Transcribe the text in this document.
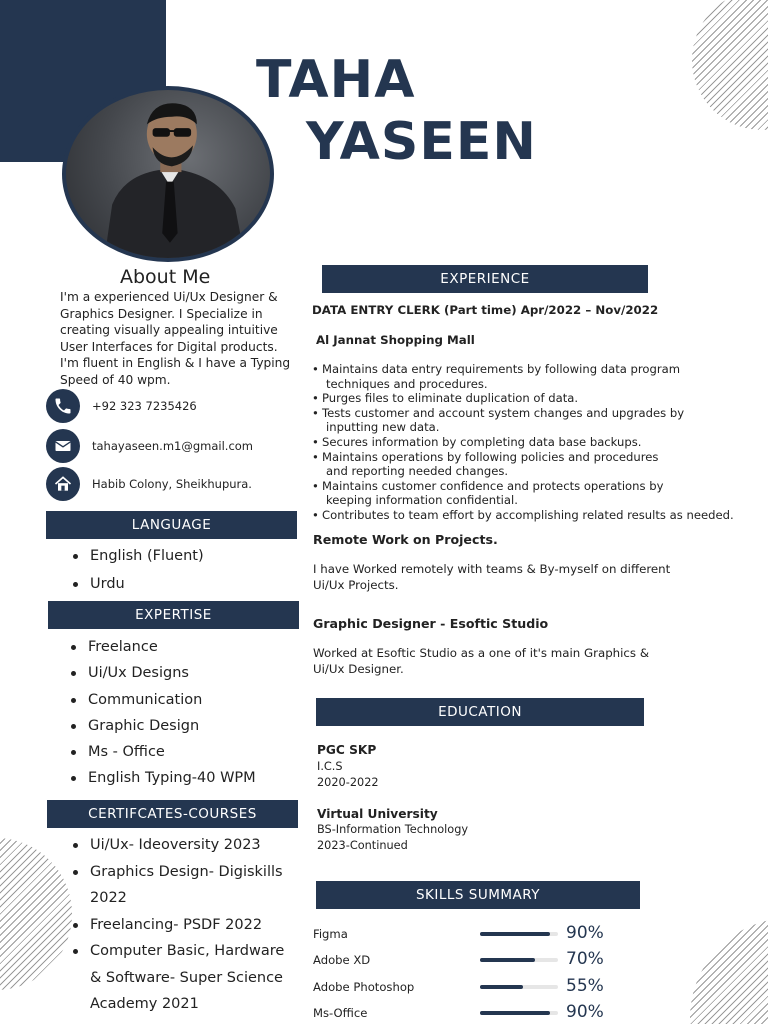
TAHA
YASEEN
About Me
I'm a experienced Ui/Ux Designer &
Graphics Designer. I Specialize in
creating visually appealing intuitive
User Interfaces for Digital products.
I'm fluent in English & I have a Typing
Speed of 40 wpm.
+92 323 7235426
tahayaseen.m1@gmail.com
Habib Colony, Sheikhupura.
LANGUAGE
English (Fluent)
Urdu
EXPERTISE
Freelance
Ui/Ux Designs
Communication
Graphic Design
Ms - Office
English Typing-40 WPM
CERTIFCATES-COURSES
Ui/Ux- Ideoversity 2023
Graphics Design- Digiskills
2022
Freelancing- PSDF 2022
Computer Basic, Hardware
& Software- Super Science
Academy 2021
EXPERIENCE
DATA ENTRY CLERK (Part time) Apr/2022 – Nov/2022
Al Jannat Shopping Mall
• Maintains data entry requirements by following data program
techniques and procedures.
• Purges files to eliminate duplication of data.
• Tests customer and account system changes and upgrades by
inputting new data.
• Secures information by completing data base backups.
• Maintains operations by following policies and procedures
and reporting needed changes.
• Maintains customer confidence and protects operations by
keeping information confidential.
• Contributes to team effort by accomplishing related results as needed.
Remote Work on Projects.
I have Worked remotely with teams & By-myself on different
Ui/Ux Projects.
Graphic Designer - Esoftic Studio
Worked at Esoftic Studio as a one of it's main Graphics &
Ui/Ux Designer.
EDUCATION
PGC SKP
I.C.S
2020-2022
Virtual University
BS-Information Technology
2023-Continued
SKILLS SUMMARY
Figma	90%
Adobe XD	70%
Adobe Photoshop	55%
Ms-Office	90%
